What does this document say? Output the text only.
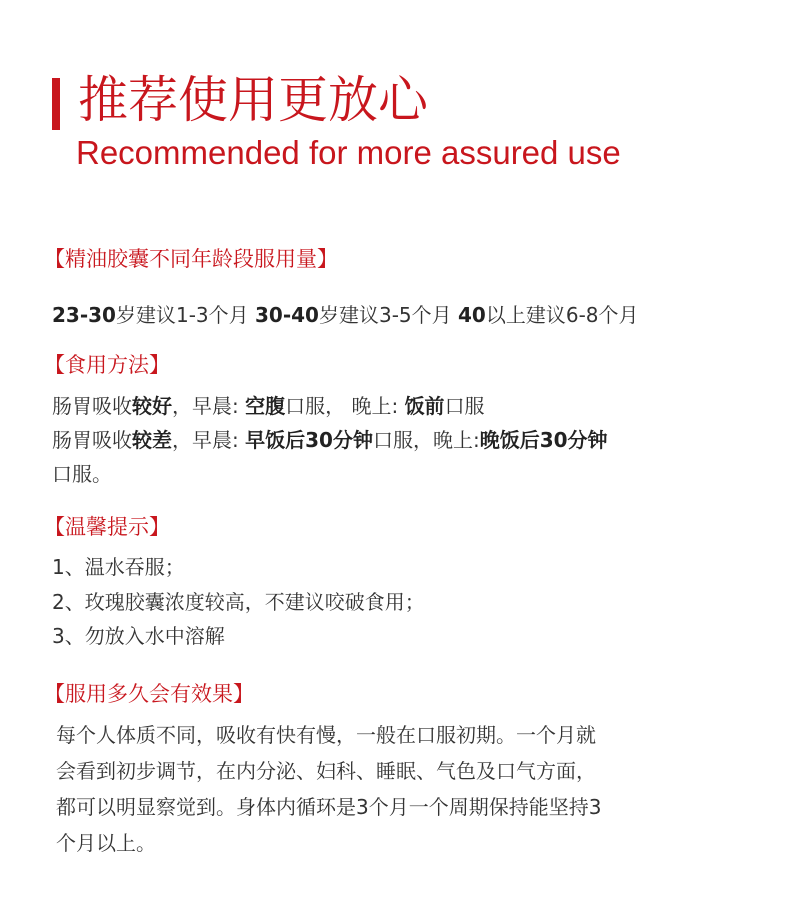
推荐使用更放心
Recommended for more assured use
【精油胶囊不同年龄段服用量】
23-30岁建议1-3个月 30-40岁建议3-5个月 40以上建议6-8个月
【食用方法】
肠胃吸收较好，早晨: 空腹口服， 晚上: 饭前口服
肠胃吸收较差，早晨: 早饭后30分钟口服，晚上:晚饭后30分钟
口服。
【温馨提示】
1、温水吞服；
2、玫瑰胶囊浓度较高，不建议咬破食用；
3、勿放入水中溶解
【服用多久会有效果】
每个人体质不同，吸收有快有慢，一般在口服初期。一个月就
会看到初步调节，在内分泌、妇科、睡眠、气色及口气方面，
都可以明显察觉到。身体内循环是3个月一个周期保持能坚持3
个月以上。
